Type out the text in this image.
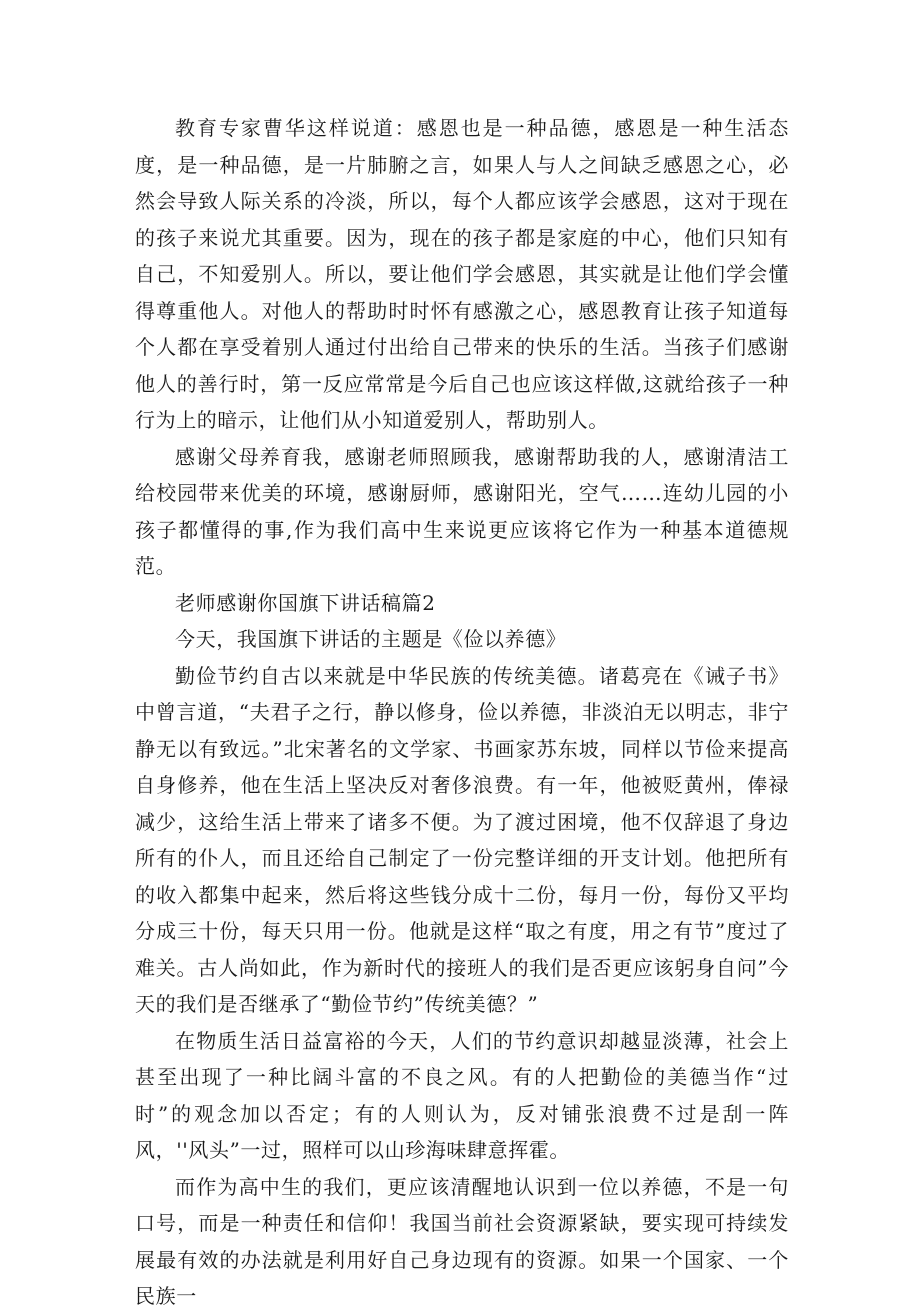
教育专家曹华这样说道：感恩也是一种品德，感恩是一种生活态度，是一种品德，是一片肺腑之言，如果人与人之间缺乏感恩之心，必然会导致人际关系的冷淡，所以，每个人都应该学会感恩，这对于现在的孩子来说尤其重要。因为，现在的孩子都是家庭的中心，他们只知有自己，不知爱别人。所以，要让他们学会感恩，其实就是让他们学会懂得尊重他人。对他人的帮助时时怀有感激之心，感恩教育让孩子知道每个人都在享受着别人通过付出给自己带来的快乐的生活。当孩子们感谢他人的善行时，第一反应常常是今后自己也应该这样做,这就给孩子一种行为上的暗示，让他们从小知道爱别人，帮助别人。

感谢父母养育我，感谢老师照顾我，感谢帮助我的人，感谢清洁工给校园带来优美的环境，感谢厨师，感谢阳光，空气……连幼儿园的小孩子都懂得的事,作为我们高中生来说更应该将它作为一种基本道德规范。

老师感谢你国旗下讲话稿篇2

今天，我国旗下讲话的主题是《俭以养德》

勤俭节约自古以来就是中华民族的传统美德。诸葛亮在《诫子书》中曾言道，“夫君子之行，静以修身，俭以养德，非淡泊无以明志，非宁静无以有致远。”北宋著名的文学家、书画家苏东坡，同样以节俭来提高自身修养，他在生活上坚决反对奢侈浪费。有一年，他被贬黄州，俸禄减少，这给生活上带来了诸多不便。为了渡过困境，他不仅辞退了身边所有的仆人，而且还给自己制定了一份完整详细的开支计划。他把所有的收入都集中起来，然后将这些钱分成十二份，每月一份，每份又平均分成三十份，每天只用一份。他就是这样“取之有度，用之有节”度过了难关。古人尚如此，作为新时代的接班人的我们是否更应该躬身自问”今天的我们是否继承了“勤俭节约”传统美德？”

在物质生活日益富裕的今天，人们的节约意识却越显淡薄，社会上甚至出现了一种比阔斗富的不良之风。有的人把勤俭的美德当作“过时”的观念加以否定；有的人则认为，反对铺张浪费不过是刮一阵风，''风头”一过，照样可以山珍海味肆意挥霍。

而作为高中生的我们，更应该清醒地认识到一位以养德，不是一句口号，而是一种责任和信仰！我国当前社会资源紧缺，要实现可持续发展最有效的办法就是利用好自己身边现有的资源。如果一个国家、一个民族一
